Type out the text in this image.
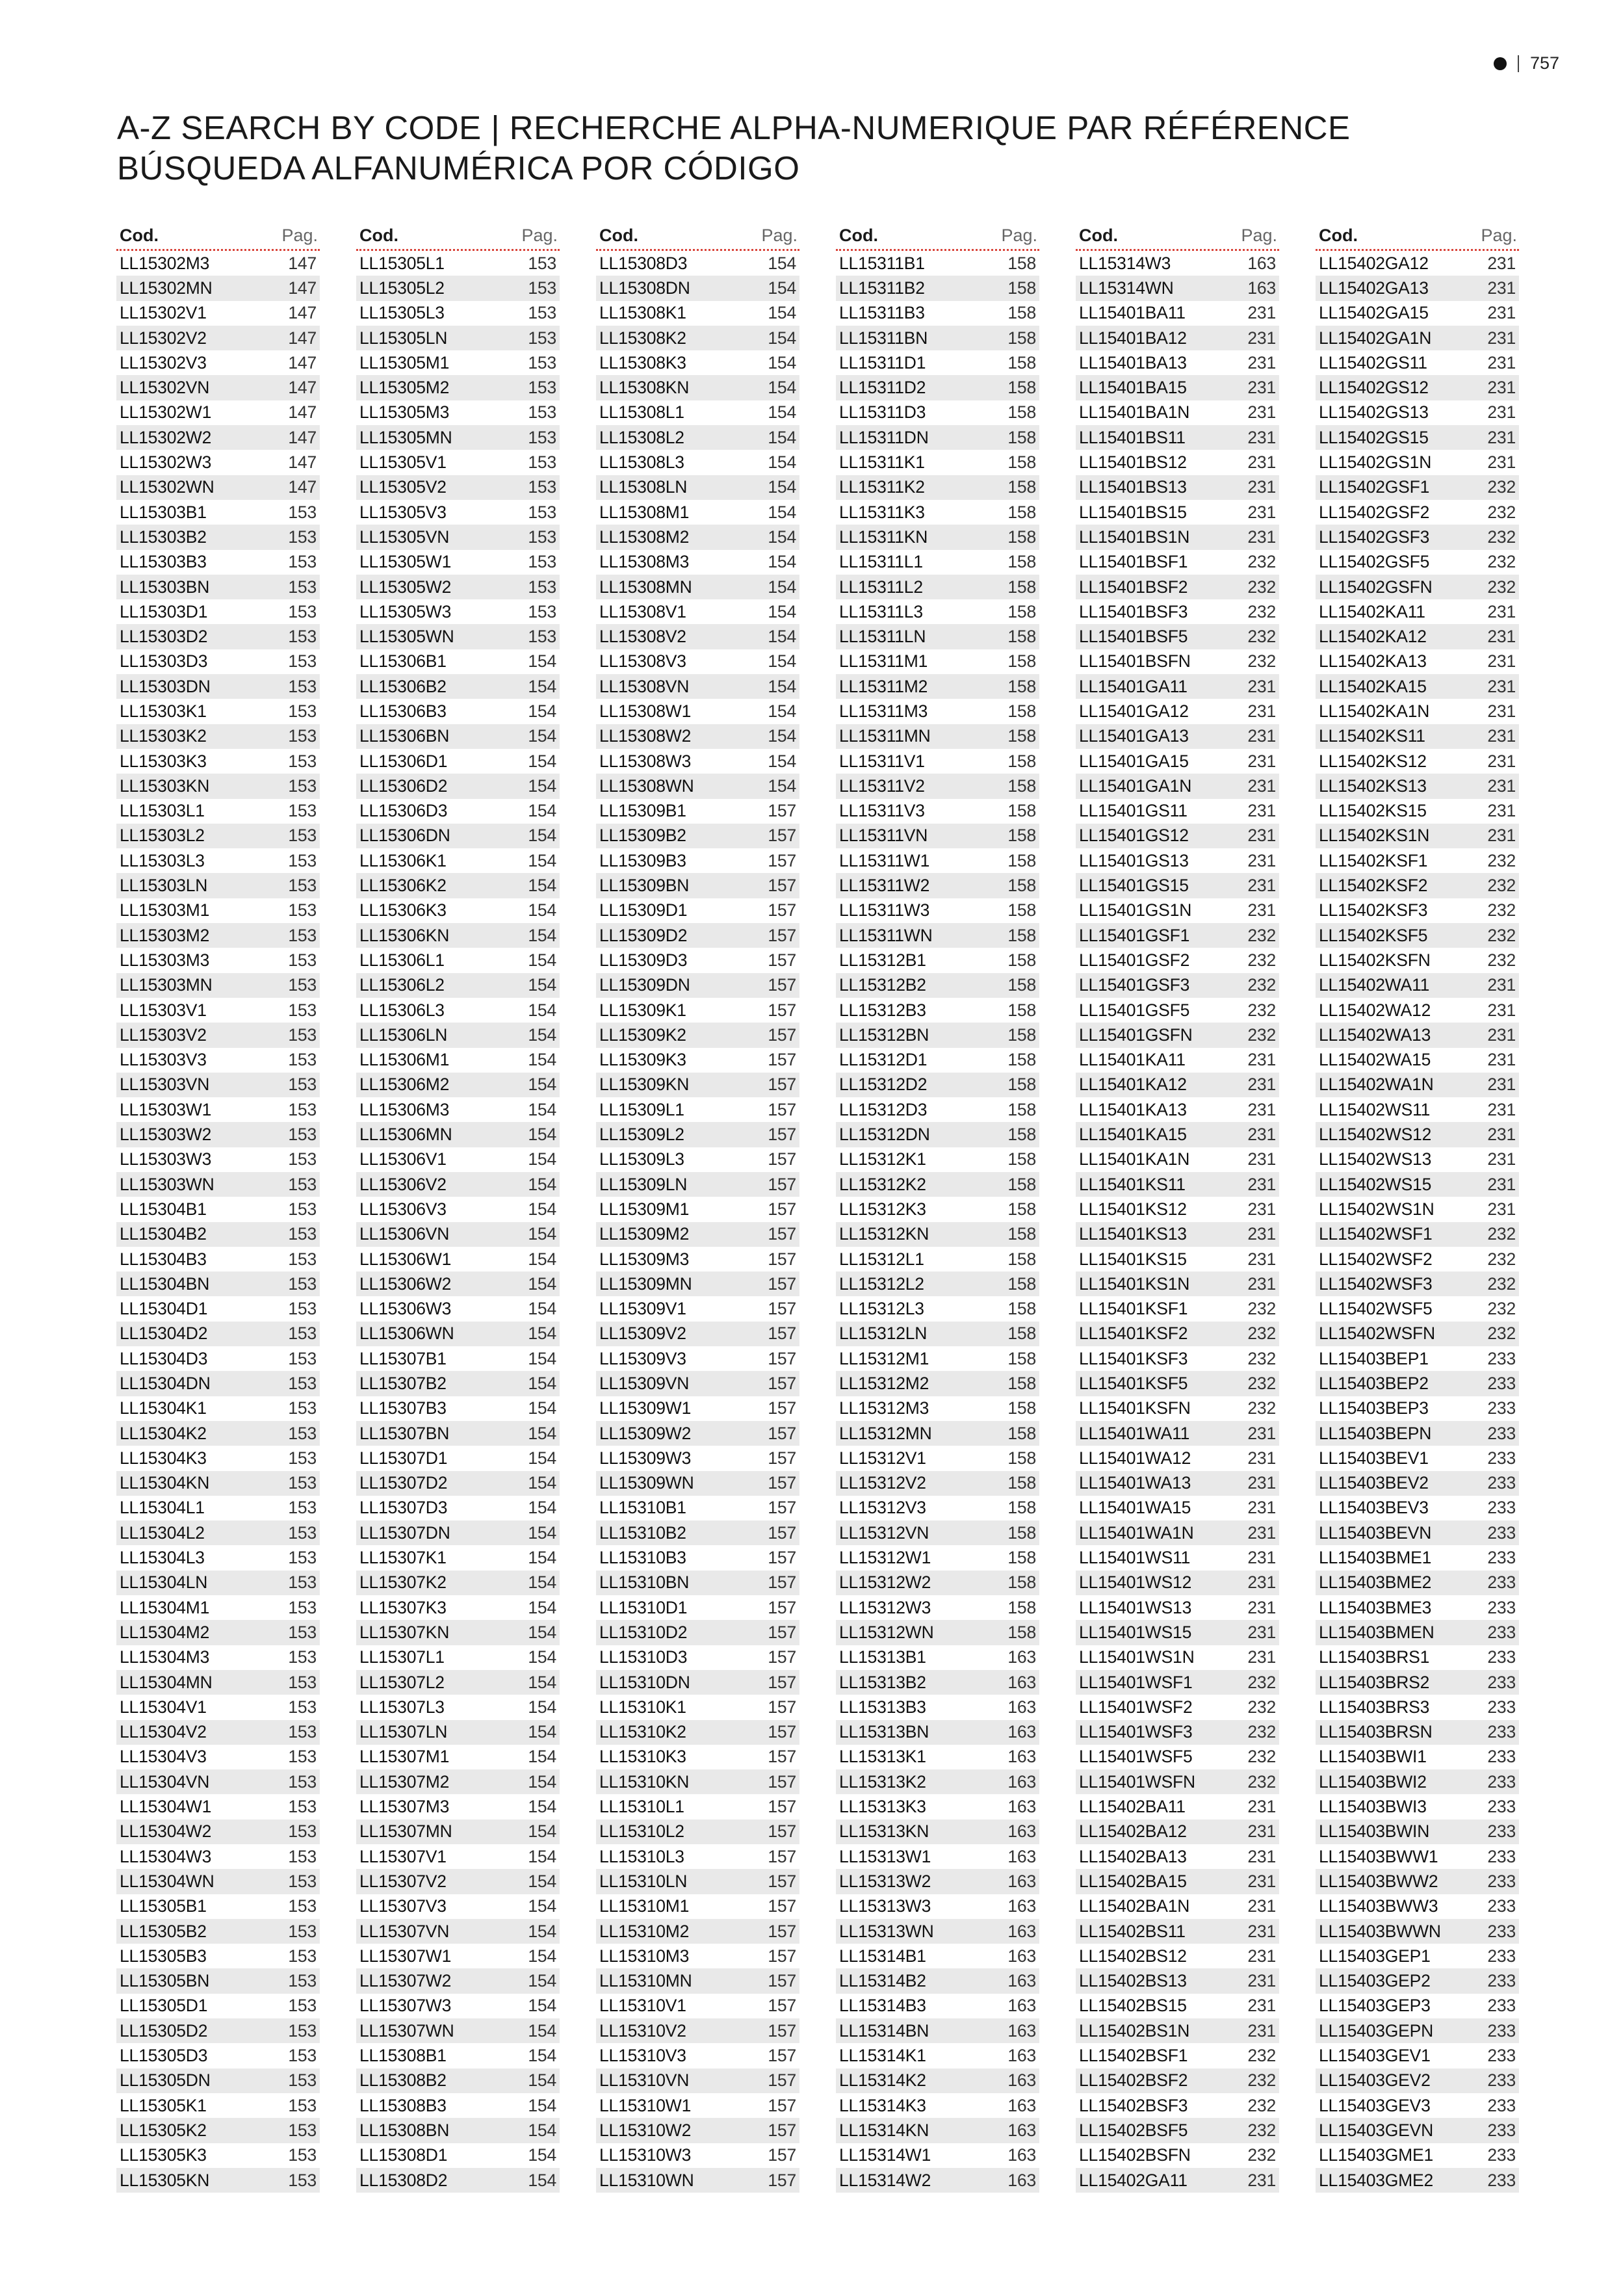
757
A-Z SEARCH BY CODE | RECHERCHE ALPHA-NUMERIQUE PAR RÉFÉRENCE
BÚSQUEDA ALFANUMÉRICA POR CÓDIGO
Cod.	Pag.
LL15302M3	147
LL15302MN	147
LL15302V1	147
LL15302V2	147
LL15302V3	147
LL15302VN	147
LL15302W1	147
LL15302W2	147
LL15302W3	147
LL15302WN	147
LL15303B1	153
LL15303B2	153
LL15303B3	153
LL15303BN	153
LL15303D1	153
LL15303D2	153
LL15303D3	153
LL15303DN	153
LL15303K1	153
LL15303K2	153
LL15303K3	153
LL15303KN	153
LL15303L1	153
LL15303L2	153
LL15303L3	153
LL15303LN	153
LL15303M1	153
LL15303M2	153
LL15303M3	153
LL15303MN	153
LL15303V1	153
LL15303V2	153
LL15303V3	153
LL15303VN	153
LL15303W1	153
LL15303W2	153
LL15303W3	153
LL15303WN	153
LL15304B1	153
LL15304B2	153
LL15304B3	153
LL15304BN	153
LL15304D1	153
LL15304D2	153
LL15304D3	153
LL15304DN	153
LL15304K1	153
LL15304K2	153
LL15304K3	153
LL15304KN	153
LL15304L1	153
LL15304L2	153
LL15304L3	153
LL15304LN	153
LL15304M1	153
LL15304M2	153
LL15304M3	153
LL15304MN	153
LL15304V1	153
LL15304V2	153
LL15304V3	153
LL15304VN	153
LL15304W1	153
LL15304W2	153
LL15304W3	153
LL15304WN	153
LL15305B1	153
LL15305B2	153
LL15305B3	153
LL15305BN	153
LL15305D1	153
LL15305D2	153
LL15305D3	153
LL15305DN	153
LL15305K1	153
LL15305K2	153
LL15305K3	153
LL15305KN	153
Cod.	Pag.
LL15305L1	153
LL15305L2	153
LL15305L3	153
LL15305LN	153
LL15305M1	153
LL15305M2	153
LL15305M3	153
LL15305MN	153
LL15305V1	153
LL15305V2	153
LL15305V3	153
LL15305VN	153
LL15305W1	153
LL15305W2	153
LL15305W3	153
LL15305WN	153
LL15306B1	154
LL15306B2	154
LL15306B3	154
LL15306BN	154
LL15306D1	154
LL15306D2	154
LL15306D3	154
LL15306DN	154
LL15306K1	154
LL15306K2	154
LL15306K3	154
LL15306KN	154
LL15306L1	154
LL15306L2	154
LL15306L3	154
LL15306LN	154
LL15306M1	154
LL15306M2	154
LL15306M3	154
LL15306MN	154
LL15306V1	154
LL15306V2	154
LL15306V3	154
LL15306VN	154
LL15306W1	154
LL15306W2	154
LL15306W3	154
LL15306WN	154
LL15307B1	154
LL15307B2	154
LL15307B3	154
LL15307BN	154
LL15307D1	154
LL15307D2	154
LL15307D3	154
LL15307DN	154
LL15307K1	154
LL15307K2	154
LL15307K3	154
LL15307KN	154
LL15307L1	154
LL15307L2	154
LL15307L3	154
LL15307LN	154
LL15307M1	154
LL15307M2	154
LL15307M3	154
LL15307MN	154
LL15307V1	154
LL15307V2	154
LL15307V3	154
LL15307VN	154
LL15307W1	154
LL15307W2	154
LL15307W3	154
LL15307WN	154
LL15308B1	154
LL15308B2	154
LL15308B3	154
LL15308BN	154
LL15308D1	154
LL15308D2	154
Cod.	Pag.
LL15308D3	154
LL15308DN	154
LL15308K1	154
LL15308K2	154
LL15308K3	154
LL15308KN	154
LL15308L1	154
LL15308L2	154
LL15308L3	154
LL15308LN	154
LL15308M1	154
LL15308M2	154
LL15308M3	154
LL15308MN	154
LL15308V1	154
LL15308V2	154
LL15308V3	154
LL15308VN	154
LL15308W1	154
LL15308W2	154
LL15308W3	154
LL15308WN	154
LL15309B1	157
LL15309B2	157
LL15309B3	157
LL15309BN	157
LL15309D1	157
LL15309D2	157
LL15309D3	157
LL15309DN	157
LL15309K1	157
LL15309K2	157
LL15309K3	157
LL15309KN	157
LL15309L1	157
LL15309L2	157
LL15309L3	157
LL15309LN	157
LL15309M1	157
LL15309M2	157
LL15309M3	157
LL15309MN	157
LL15309V1	157
LL15309V2	157
LL15309V3	157
LL15309VN	157
LL15309W1	157
LL15309W2	157
LL15309W3	157
LL15309WN	157
LL15310B1	157
LL15310B2	157
LL15310B3	157
LL15310BN	157
LL15310D1	157
LL15310D2	157
LL15310D3	157
LL15310DN	157
LL15310K1	157
LL15310K2	157
LL15310K3	157
LL15310KN	157
LL15310L1	157
LL15310L2	157
LL15310L3	157
LL15310LN	157
LL15310M1	157
LL15310M2	157
LL15310M3	157
LL15310MN	157
LL15310V1	157
LL15310V2	157
LL15310V3	157
LL15310VN	157
LL15310W1	157
LL15310W2	157
LL15310W3	157
LL15310WN	157
Cod.	Pag.
LL15311B1	158
LL15311B2	158
LL15311B3	158
LL15311BN	158
LL15311D1	158
LL15311D2	158
LL15311D3	158
LL15311DN	158
LL15311K1	158
LL15311K2	158
LL15311K3	158
LL15311KN	158
LL15311L1	158
LL15311L2	158
LL15311L3	158
LL15311LN	158
LL15311M1	158
LL15311M2	158
LL15311M3	158
LL15311MN	158
LL15311V1	158
LL15311V2	158
LL15311V3	158
LL15311VN	158
LL15311W1	158
LL15311W2	158
LL15311W3	158
LL15311WN	158
LL15312B1	158
LL15312B2	158
LL15312B3	158
LL15312BN	158
LL15312D1	158
LL15312D2	158
LL15312D3	158
LL15312DN	158
LL15312K1	158
LL15312K2	158
LL15312K3	158
LL15312KN	158
LL15312L1	158
LL15312L2	158
LL15312L3	158
LL15312LN	158
LL15312M1	158
LL15312M2	158
LL15312M3	158
LL15312MN	158
LL15312V1	158
LL15312V2	158
LL15312V3	158
LL15312VN	158
LL15312W1	158
LL15312W2	158
LL15312W3	158
LL15312WN	158
LL15313B1	163
LL15313B2	163
LL15313B3	163
LL15313BN	163
LL15313K1	163
LL15313K2	163
LL15313K3	163
LL15313KN	163
LL15313W1	163
LL15313W2	163
LL15313W3	163
LL15313WN	163
LL15314B1	163
LL15314B2	163
LL15314B3	163
LL15314BN	163
LL15314K1	163
LL15314K2	163
LL15314K3	163
LL15314KN	163
LL15314W1	163
LL15314W2	163
Cod.	Pag.
LL15314W3	163
LL15314WN	163
LL15401BA11	231
LL15401BA12	231
LL15401BA13	231
LL15401BA15	231
LL15401BA1N	231
LL15401BS11	231
LL15401BS12	231
LL15401BS13	231
LL15401BS15	231
LL15401BS1N	231
LL15401BSF1	232
LL15401BSF2	232
LL15401BSF3	232
LL15401BSF5	232
LL15401BSFN	232
LL15401GA11	231
LL15401GA12	231
LL15401GA13	231
LL15401GA15	231
LL15401GA1N	231
LL15401GS11	231
LL15401GS12	231
LL15401GS13	231
LL15401GS15	231
LL15401GS1N	231
LL15401GSF1	232
LL15401GSF2	232
LL15401GSF3	232
LL15401GSF5	232
LL15401GSFN	232
LL15401KA11	231
LL15401KA12	231
LL15401KA13	231
LL15401KA15	231
LL15401KA1N	231
LL15401KS11	231
LL15401KS12	231
LL15401KS13	231
LL15401KS15	231
LL15401KS1N	231
LL15401KSF1	232
LL15401KSF2	232
LL15401KSF3	232
LL15401KSF5	232
LL15401KSFN	232
LL15401WA11	231
LL15401WA12	231
LL15401WA13	231
LL15401WA15	231
LL15401WA1N	231
LL15401WS11	231
LL15401WS12	231
LL15401WS13	231
LL15401WS15	231
LL15401WS1N	231
LL15401WSF1	232
LL15401WSF2	232
LL15401WSF3	232
LL15401WSF5	232
LL15401WSFN	232
LL15402BA11	231
LL15402BA12	231
LL15402BA13	231
LL15402BA15	231
LL15402BA1N	231
LL15402BS11	231
LL15402BS12	231
LL15402BS13	231
LL15402BS15	231
LL15402BS1N	231
LL15402BSF1	232
LL15402BSF2	232
LL15402BSF3	232
LL15402BSF5	232
LL15402BSFN	232
LL15402GA11	231
Cod.	Pag.
LL15402GA12	231
LL15402GA13	231
LL15402GA15	231
LL15402GA1N	231
LL15402GS11	231
LL15402GS12	231
LL15402GS13	231
LL15402GS15	231
LL15402GS1N	231
LL15402GSF1	232
LL15402GSF2	232
LL15402GSF3	232
LL15402GSF5	232
LL15402GSFN	232
LL15402KA11	231
LL15402KA12	231
LL15402KA13	231
LL15402KA15	231
LL15402KA1N	231
LL15402KS11	231
LL15402KS12	231
LL15402KS13	231
LL15402KS15	231
LL15402KS1N	231
LL15402KSF1	232
LL15402KSF2	232
LL15402KSF3	232
LL15402KSF5	232
LL15402KSFN	232
LL15402WA11	231
LL15402WA12	231
LL15402WA13	231
LL15402WA15	231
LL15402WA1N	231
LL15402WS11	231
LL15402WS12	231
LL15402WS13	231
LL15402WS15	231
LL15402WS1N	231
LL15402WSF1	232
LL15402WSF2	232
LL15402WSF3	232
LL15402WSF5	232
LL15402WSFN	232
LL15403BEP1	233
LL15403BEP2	233
LL15403BEP3	233
LL15403BEPN	233
LL15403BEV1	233
LL15403BEV2	233
LL15403BEV3	233
LL15403BEVN	233
LL15403BME1	233
LL15403BME2	233
LL15403BME3	233
LL15403BMEN	233
LL15403BRS1	233
LL15403BRS2	233
LL15403BRS3	233
LL15403BRSN	233
LL15403BWI1	233
LL15403BWI2	233
LL15403BWI3	233
LL15403BWIN	233
LL15403BWW1	233
LL15403BWW2	233
LL15403BWW3	233
LL15403BWWN	233
LL15403GEP1	233
LL15403GEP2	233
LL15403GEP3	233
LL15403GEPN	233
LL15403GEV1	233
LL15403GEV2	233
LL15403GEV3	233
LL15403GEVN	233
LL15403GME1	233
LL15403GME2	233
